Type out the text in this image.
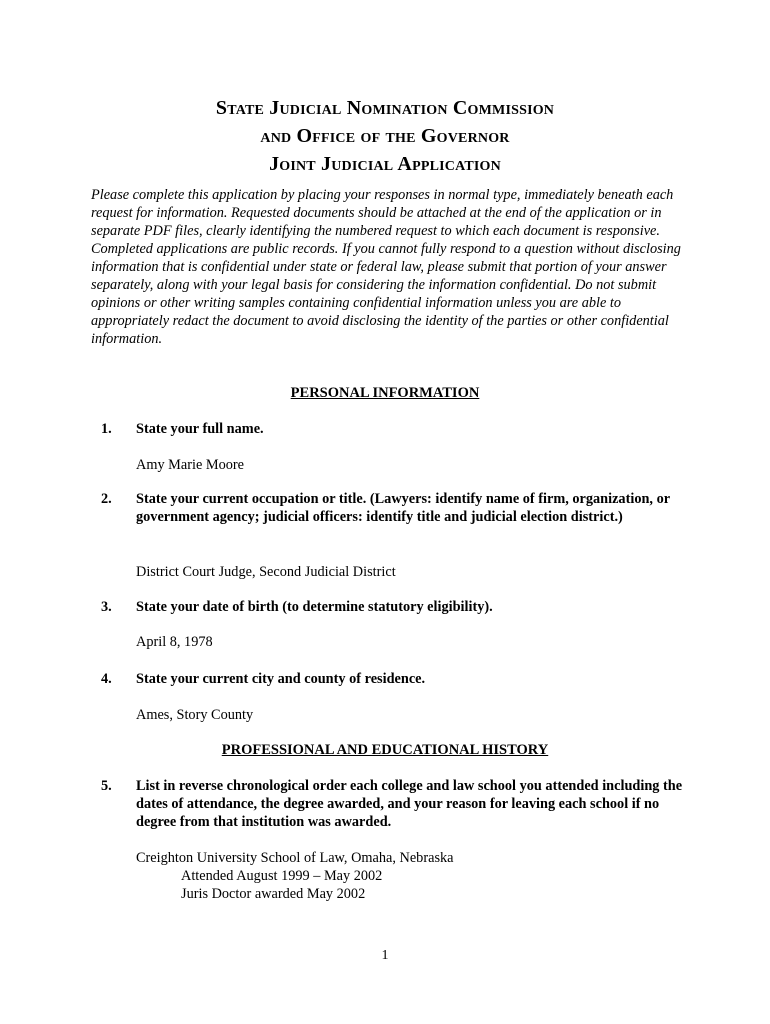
State Judicial Nomination Commission
and Office of the Governor
Joint Judicial Application

Please complete this application by placing your responses in normal type, immediately beneath each request for information. Requested documents should be attached at the end of the application or in separate PDF files, clearly identifying the numbered request to which each document is responsive. Completed applications are public records. If you cannot fully respond to a question without disclosing information that is confidential under state or federal law, please submit that portion of your answer separately, along with your legal basis for considering the information confidential. Do not submit opinions or other writing samples containing confidential information unless you are able to appropriately redact the document to avoid disclosing the identity of the parties or other confidential information.

PERSONAL INFORMATION
1. State your full name.
Amy Marie Moore
2. State your current occupation or title. (Lawyers: identify name of firm, organization, or government agency; judicial officers: identify title and judicial election district.)
District Court Judge, Second Judicial District
3. State your date of birth (to determine statutory eligibility).
April 8, 1978
4. State your current city and county of residence.
Ames, Story County
PROFESSIONAL AND EDUCATIONAL HISTORY
5. List in reverse chronological order each college and law school you attended including the dates of attendance, the degree awarded, and your reason for leaving each school if no degree from that institution was awarded.
Creighton University School of Law, Omaha, Nebraska
Attended August 1999 – May 2002
Juris Doctor awarded May 2002
1
